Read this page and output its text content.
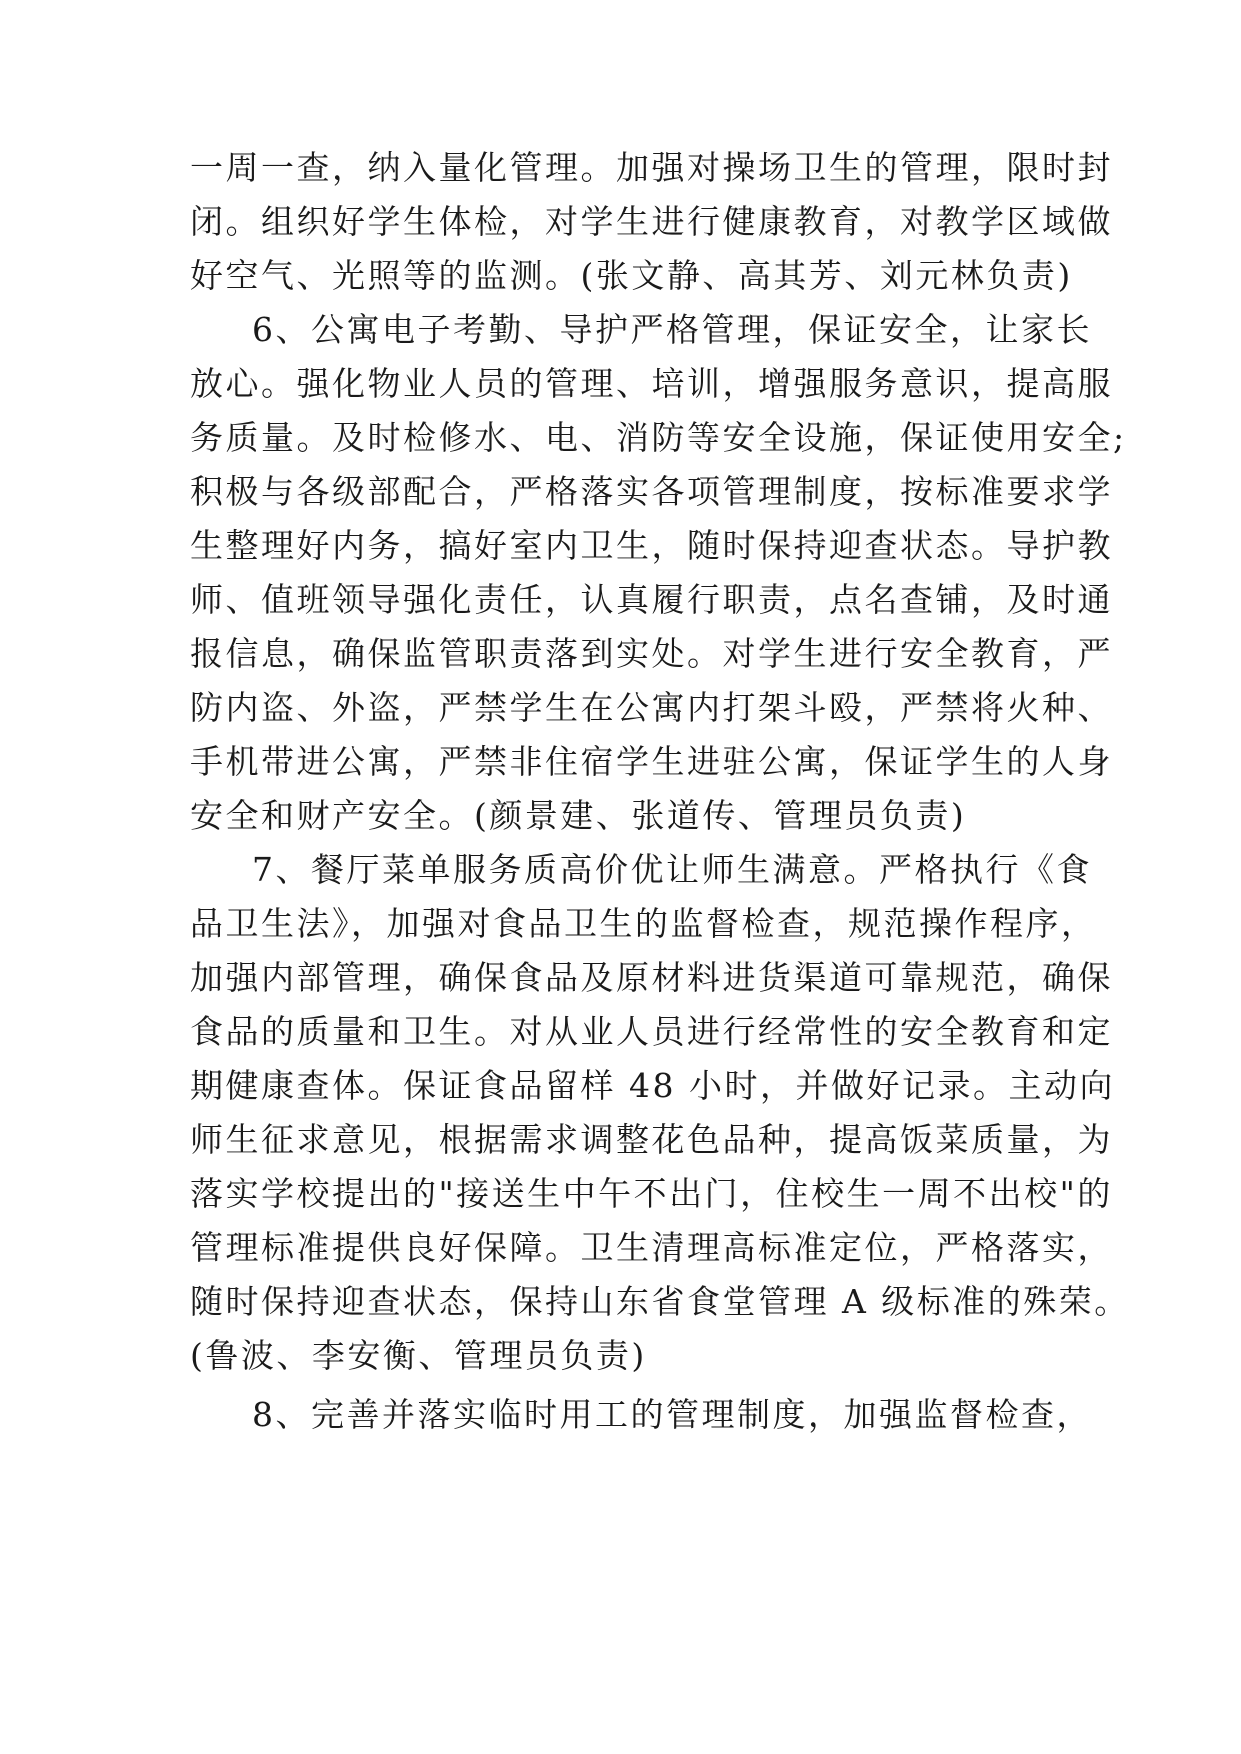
一周一查，纳入量化管理。加强对操场卫生的管理，限时封
闭。组织好学生体检，对学生进行健康教育，对教学区域做
好空气、光照等的监测。(张文静、高其芳、刘元林负责)
6、公寓电子考勤、导护严格管理，保证安全，让家长
放心。强化物业人员的管理、培训，增强服务意识，提高服
务质量。及时检修水、电、消防等安全设施，保证使用安全;
积极与各级部配合，严格落实各项管理制度，按标准要求学
生整理好内务，搞好室内卫生，随时保持迎查状态。导护教
师、值班领导强化责任，认真履行职责，点名查铺，及时通
报信息，确保监管职责落到实处。对学生进行安全教育，严
防内盗、外盗，严禁学生在公寓内打架斗殴，严禁将火种、
手机带进公寓，严禁非住宿学生进驻公寓，保证学生的人身
安全和财产安全。(颜景建、张道传、管理员负责)
7、餐厅菜单服务质高价优让师生满意。严格执行《食
品卫生法》，加强对食品卫生的监督检查，规范操作程序，
加强内部管理，确保食品及原材料进货渠道可靠规范，确保
食品的质量和卫生。对从业人员进行经常性的安全教育和定
期健康查体。保证食品留样 48 小时，并做好记录。主动向
师生征求意见，根据需求调整花色品种，提高饭菜质量，为
落实学校提出的"接送生中午不出门，住校生一周不出校"的
管理标准提供良好保障。卫生清理高标准定位，严格落实，
随时保持迎查状态，保持山东省食堂管理 A 级标准的殊荣。
(鲁波、李安衡、管理员负责)
8、完善并落实临时用工的管理制度，加强监督检查，
